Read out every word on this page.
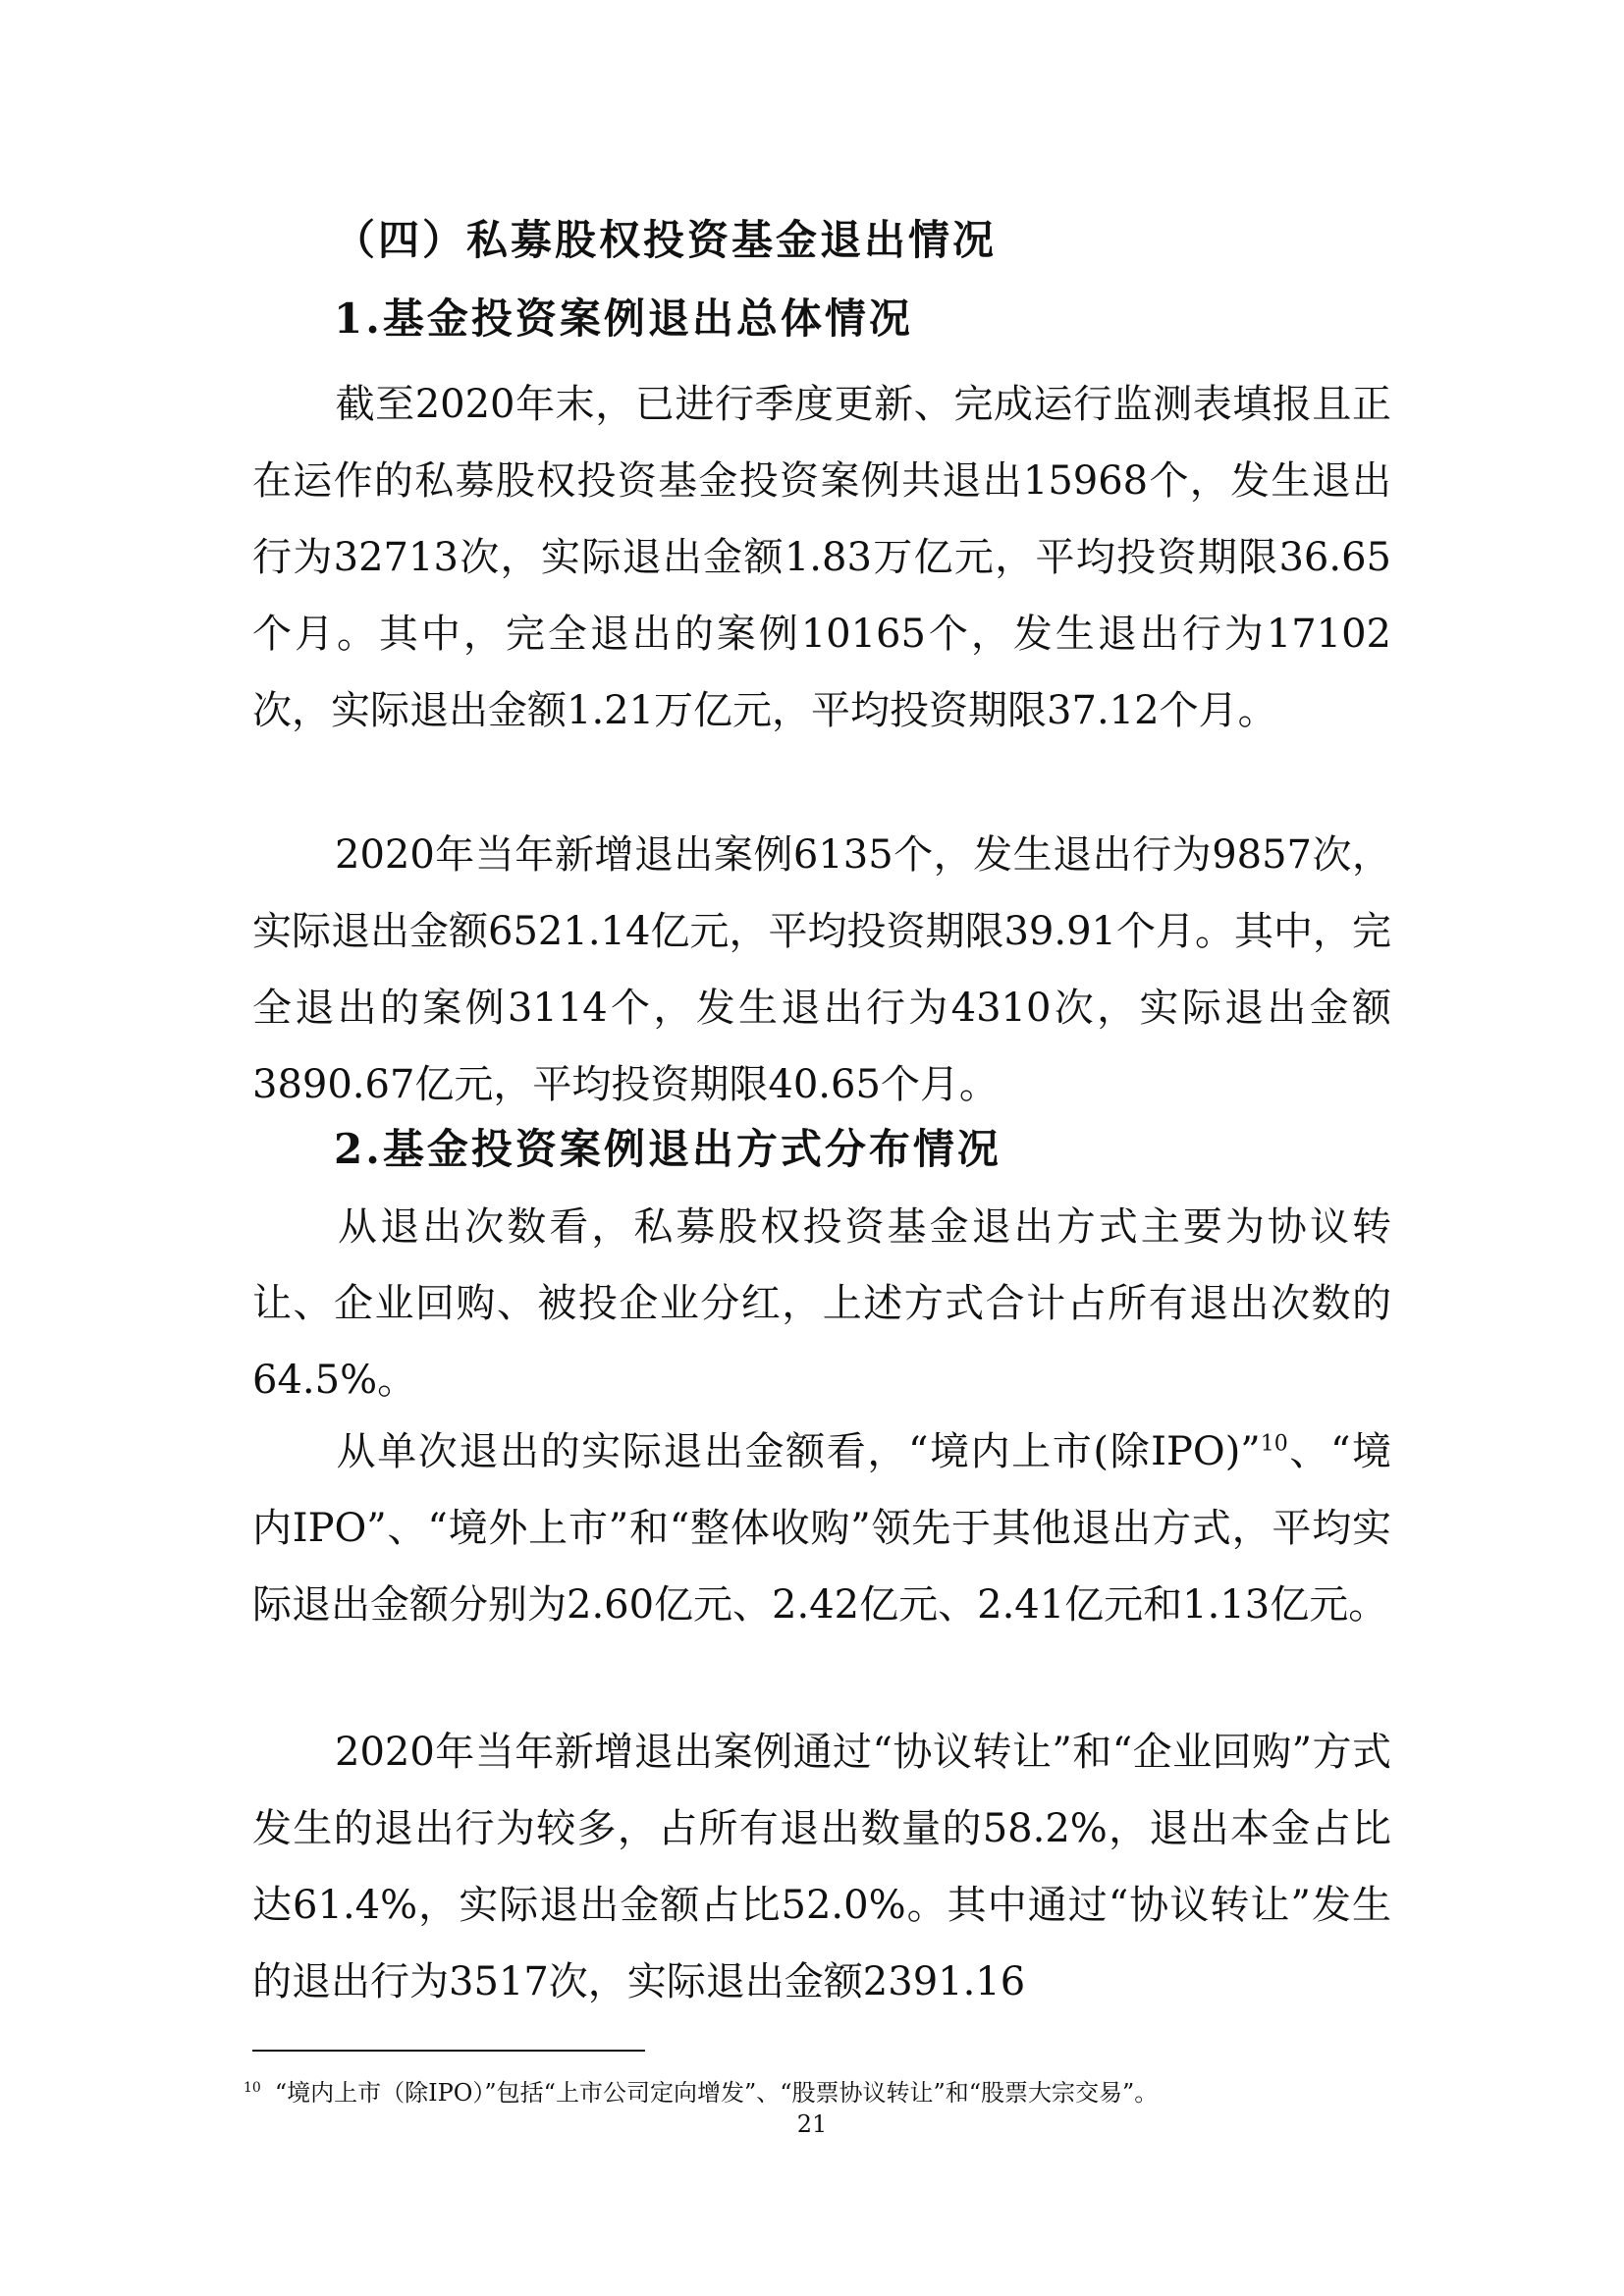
（四）私募股权投资基金退出情况
1.基金投资案例退出总体情况

截至2020年末，已进行季度更新、完成运行监测表填报且正在运作的私募股权投资基金投资案例共退出15968个，发生退出行为32713次，实际退出金额1.83万亿元，平均投资期限36.65个月。其中，完全退出的案例10165个，发生退出行为17102次，实际退出金额1.21万亿元，平均投资期限37.12个月。

2020年当年新增退出案例6135个，发生退出行为9857次，实际退出金额6521.14亿元，平均投资期限39.91个月。其中，完全退出的案例3114个，发生退出行为4310次，实际退出金额3890.67亿元，平均投资期限40.65个月。

2.基金投资案例退出方式分布情况

从退出次数看，私募股权投资基金退出方式主要为协议转让、企业回购、被投企业分红，上述方式合计占所有退出次数的64.5%。

从单次退出的实际退出金额看，“境内上市(除IPO)”$^{10}$、“境内IPO”、“境外上市”和“整体收购”领先于其他退出方式，平均实际退出金额分别为2.60亿元、2.42亿元、2.41亿元和1.13亿元。

2020年当年新增退出案例通过“协议转让”和“企业回购”方式发生的退出行为较多，占所有退出数量的58.2%，退出本金占比达61.4%，实际退出金额占比52.0%。其中通过“协议转让”发生的退出行为3517次，实际退出金额2391.16

$^{10}$ “境内上市（除IPO）”包括“上市公司定向增发”、“股票协议转让”和“股票大宗交易”。
21
